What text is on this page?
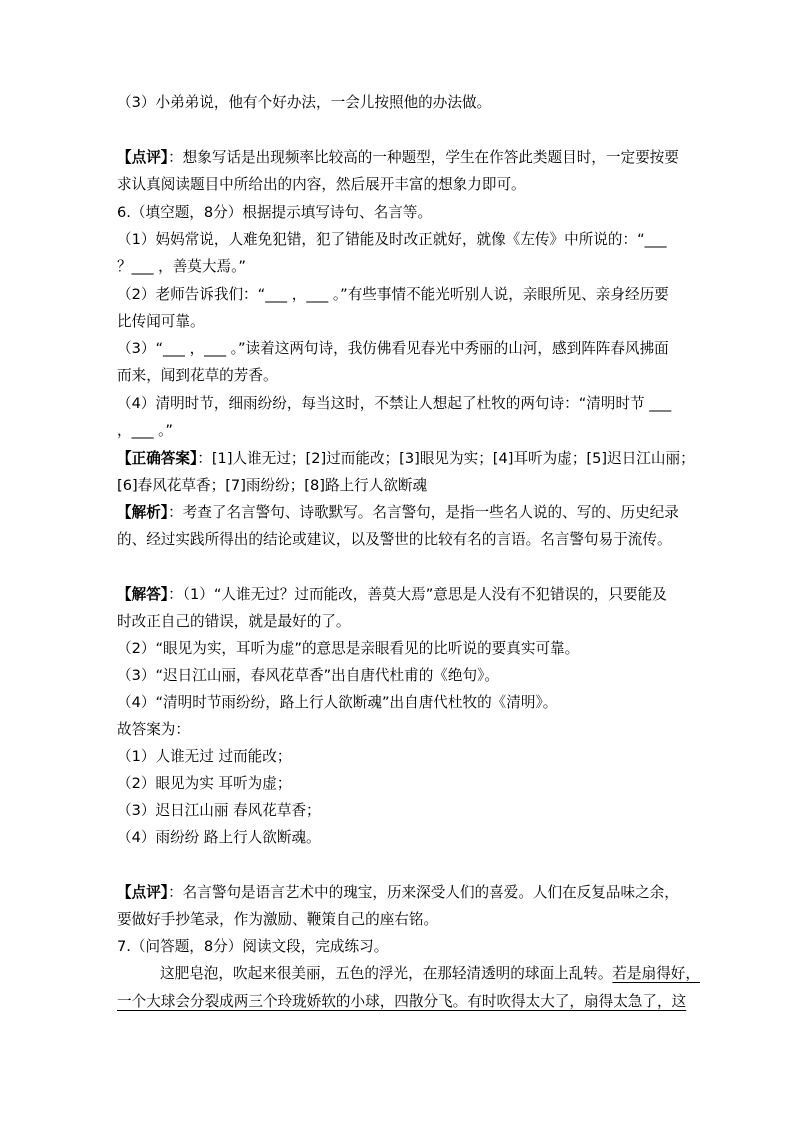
（3）小弟弟说，他有个好办法，一会儿按照他的办法做。
【点评】：想象写话是出现频率比较高的一种题型，学生在作答此类题目时，一定要按要
求认真阅读题目中所给出的内容，然后展开丰富的想象力即可。
6.（填空题，8分）根据提示填写诗句、名言等。
（1）妈妈常说，人难免犯错，犯了错能及时改正就好，就像《左传》中所说的：“___
？___ ，善莫大焉。”
（2）老师告诉我们：“___ ，___ 。”有些事情不能光听别人说，亲眼所见、亲身经历要
比传闻可靠。
（3）“___ ，___ 。”读着这两句诗，我仿佛看见春光中秀丽的山河，感到阵阵春风拂面
而来，闻到花草的芳香。
（4）清明时节，细雨纷纷，每当这时，不禁让人想起了杜牧的两句诗：“清明时节 ___
，___ 。”
【正确答案】：[1]人谁无过；[2]过而能改；[3]眼见为实；[4]耳听为虚；[5]迟日江山丽；
[6]春风花草香；[7]雨纷纷；[8]路上行人欲断魂
【解析】：考查了名言警句、诗歌默写。名言警句，是指一些名人说的、写的、历史纪录
的、经过实践所得出的结论或建议，以及警世的比较有名的言语。名言警句易于流传。
【解答】：（1）“人谁无过？过而能改，善莫大焉”意思是人没有不犯错误的，只要能及
时改正自己的错误，就是最好的了。
（2）“眼见为实，耳听为虚”的意思是亲眼看见的比听说的要真实可靠。
（3）“迟日江山丽，春风花草香”出自唐代杜甫的《绝句》。
（4）“清明时节雨纷纷，路上行人欲断魂”出自唐代杜牧的《清明》。
故答案为：
（1）人谁无过 过而能改；
（2）眼见为实 耳听为虚；
（3）迟日江山丽 春风花草香；
（4）雨纷纷 路上行人欲断魂。
【点评】：名言警句是语言艺术中的瑰宝，历来深受人们的喜爱。人们在反复品味之余，
要做好手抄笔录，作为激励、鞭策自己的座右铭。
7.（问答题，8分）阅读文段，完成练习。
这肥皂泡，吹起来很美丽，五色的浮光，在那轻清透明的球面上乱转。若是扇得好，
一个大球会分裂成两三个玲珑娇软的小球，四散分飞。有时吹得太大了，扇得太急了，这
